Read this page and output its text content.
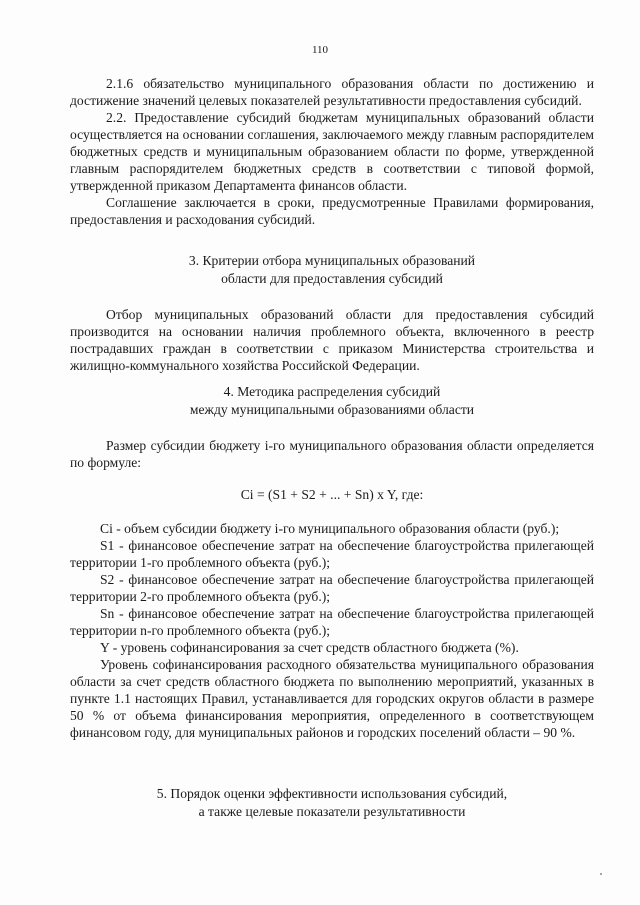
110

2.1.6 обязательство муниципального образования области по достижению и достижение значений целевых показателей результативности предоставления субсидий.

2.2. Предоставление субсидий бюджетам муниципальных образований области осуществляется на основании соглашения, заключаемого между главным распорядителем бюджетных средств и муниципальным образованием области по форме, утвержденной главным распорядителем бюджетных средств в соответствии с типовой формой, утвержденной приказом Департамента финансов области.

Соглашение заключается в сроки, предусмотренные Правилами формирования, предоставления и расходования субсидий.

3. Критерии отбора муниципальных образований
области для предоставления субсидий

Отбор муниципальных образований области для предоставления субсидий производится на основании наличия проблемного объекта, включенного в реестр пострадавших граждан в соответствии с приказом Министерства строительства и жилищно-коммунального хозяйства Российской Федерации.

4. Методика распределения субсидий
между муниципальными образованиями области

Размер субсидии бюджету i-го муниципального образования области определяется по формуле:

Ci = (S1 + S2 + ... + Sn) x Y, где:

Ci - объем субсидии бюджету i-го муниципального образования области (руб.);

S1 - финансовое обеспечение затрат на обеспечение благоустройства прилегающей территории 1-го проблемного объекта (руб.);

S2 - финансовое обеспечение затрат на обеспечение благоустройства прилегающей территории 2-го проблемного объекта (руб.);

Sn - финансовое обеспечение затрат на обеспечение благоустройства прилегающей территории n-го проблемного объекта (руб.);

Y - уровень софинансирования за счет средств областного бюджета (%).

Уровень софинансирования расходного обязательства муниципального образования области за счет средств областного бюджета по выполнению мероприятий, указанных в пункте 1.1 настоящих Правил, устанавливается для городских округов области в размере 50 % от объема финансирования мероприятия, определенного в соответствующем финансовом году, для муниципальных районов и городских поселений области – 90 %.

5. Порядок оценки эффективности использования субсидий,
а также целевые показатели результативности
